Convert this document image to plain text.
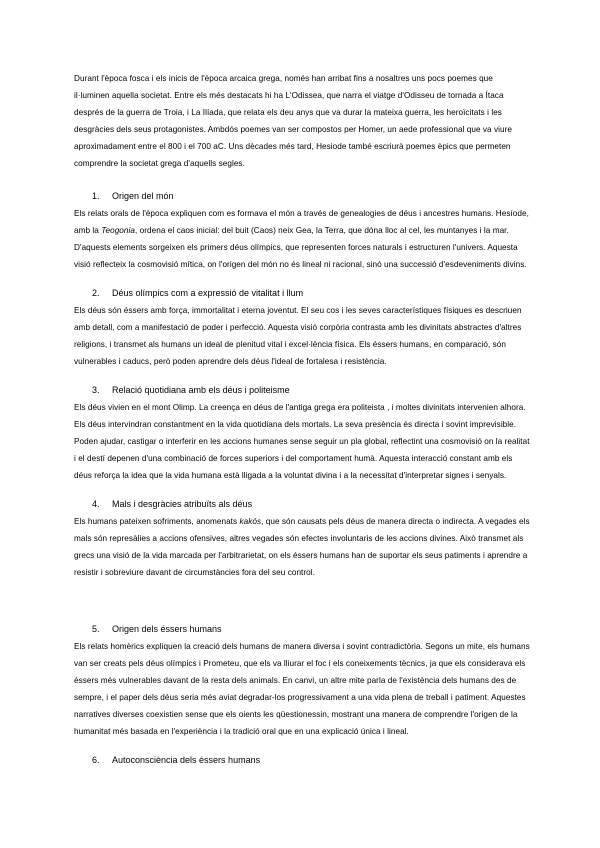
Durant l'època fosca i els inicis de l'època arcaica grega, només han arribat fins a nosaltres uns pocs poemes que il·luminen aquella societat. Entre els més destacats hi ha L'Odissea, que narra el viatge d'Odisseu de tornada a Ítaca després de la guerra de Troia, i La Ilíada, que relata els deu anys que va durar la mateixa guerra, les heroïcitats i les desgràcies dels seus protagonistes. Ambdós poemes van ser compostos per Homer, un aede professional que va viure aproximadament entre el 800 i el 700 aC. Uns dècades més tard, Hesiode també escriurà poemes èpics que permeten comprendre la societat grega d'aquells segles.

1. Origen del món

Els relats orals de l'època expliquen com es formava el món a través de genealogies de déus i ancestres humans. Hesíode, amb la Teogonia, ordena el caos inicial: del buit (Caos) neix Gea, la Terra, que dóna lloc al cel, les muntanyes i la mar. D'aquests elements sorgeixen els primers déus olímpics, que representen forces naturals i estructuren l'univers. Aquesta visió reflecteix la cosmovisió mítica, on l'origen del món no és lineal ni racional, sinó una successió d'esdeveniments divins.

2. Déus olímpics com a expressió de vitalitat i llum

Els déus són éssers amb força, immortalitat i eterna joventut. El seu cos i les seves característiques físiques es descriuen amb detall, com a manifestació de poder i perfecció. Aquesta visió corpòria contrasta amb les divinitats abstractes d'altres religions, i transmet als humans un ideal de plenitud vital i excel·lència física. Els éssers humans, en comparació, són vulnerables i caducs, però poden aprendre dels déus l'ideal de fortalesa i resistència.

3. Relació quotidiana amb els déus i politeisme

Els déus vivien en el mont Olimp. La creença en déus de l'antiga grega era politeista , i moltes divinitats intervenien alhora. Els déus intervindran constantment en la vida quotidiana dels mortals. La seva presència és directa i sovint imprevisible. Poden ajudar, castigar o interferir en les accions humanes sense seguir un pla global, reflectint una cosmovisió on la realitat i el destí depenen d'una combinació de forces superiors i del comportament humà. Aquesta interacció constant amb els déus reforça la idea que la vida humana està lligada a la voluntat divina i a la necessitat d'interpretar signes i senyals.

4. Mals i desgràcies atribuïts als déus

Els humans pateixen sofriments, anomenats kakós, que són causats pels déus de manera directa o indirecta. A vegades els mals són represàlies a accions ofensives, altres vegades són efectes involuntaris de les accions divines. Això transmet als grecs una visió de la vida marcada per l'arbitrarietat, on els éssers humans han de suportar els seus patiments i aprendre a resistir i sobreviure davant de circumstàncies fora del seu control.

5. Origen dels éssers humans

Els relats homèrics expliquen la creació dels humans de manera diversa i sovint contradictòria. Segons un mite, els humans van ser creats pels déus olímpics i Prometeu, que els va lliurar el foc i els coneixements tècnics, ja que els considerava els éssers més vulnerables davant de la resta dels animals. En canvi, un altre mite parla de l'existència dels humans des de sempre, i el paper dels déus seria més aviat degradar-los progressivament a una vida plena de treball i patiment. Aquestes narratives diverses coexistien sense que els oients les qüestionessin, mostrant una manera de comprendre l'origen de la humanitat més basada en l'experiència i la tradició oral que en una explicació única i lineal.

6. Autoconsciència dels éssers humans
